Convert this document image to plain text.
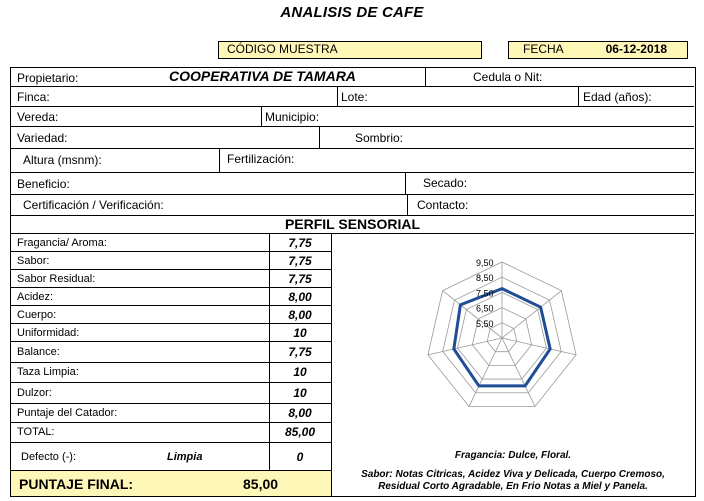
ANALISIS DE CAFE
CÓDIGO MUESTRA	FECHA	06-12-2018
Propietario:	COOPERATIVA DE TAMARA	Cedula o Nit:
Finca:	Lote:	Edad (años):
Vereda:	Municipio:
Variedad:	Sombrio:
Altura (msnm):	Fertilización:
Beneficio:	Secado:
Certificación / Verificación:	Contacto:
PERFIL SENSORIAL
Fragancia/ Aroma:	7,75
Sabor:	7,75
Sabor Residual:	7,75
Acidez:	8,00
Cuerpo:	8,00
Uniformidad:	10
Balance:	7,75
Taza Limpia:	10
Dulzor:	10
Puntaje del Catador:	8,00
TOTAL:	85,00
Defecto (-):	Limpia	0
PUNTAJE FINAL:	85,00
Fragancia: Dulce, Floral.
Sabor: Notas Citricas, Acidez Viva y Delicada, Cuerpo Cremoso,
Residual Corto Agradable, En Frio Notas a Miel y Panela.
9,50
8,50
7,50
6,50
5,50
